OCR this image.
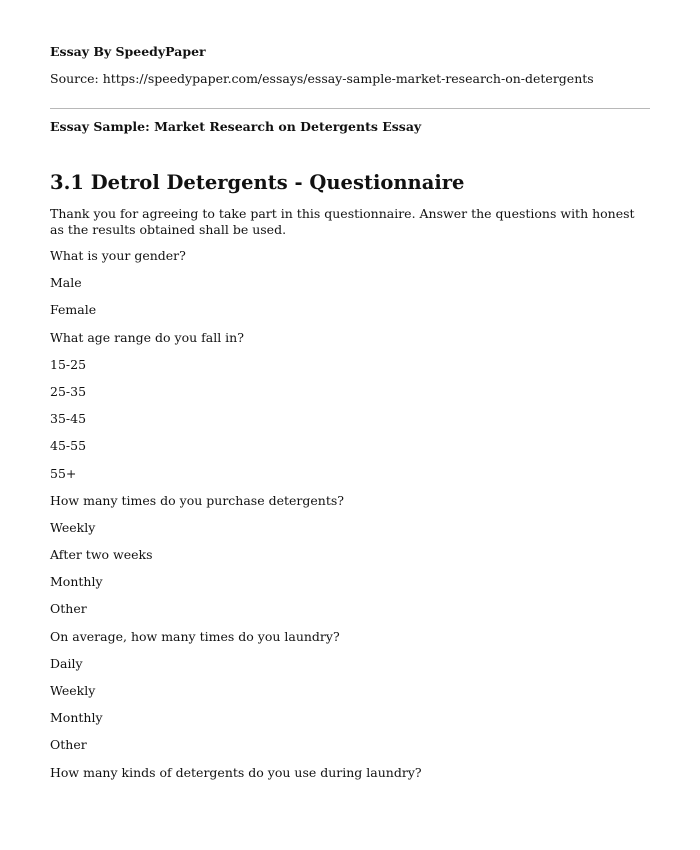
Essay By SpeedyPaper
Source: https://speedypaper.com/essays/essay-sample-market-research-on-detergents
Essay Sample: Market Research on Detergents Essay
3.1 Detrol Detergents - Questionnaire

Thank you for agreeing to take part in this questionnaire. Answer the questions with honest as the results obtained shall be used.

What is your gender?
Male
Female
What age range do you fall in?
15-25
25-35
35-45
45-55
55+
How many times do you purchase detergents?
Weekly
After two weeks
Monthly
Other
On average, how many times do you laundry?
Daily
Weekly
Monthly
Other
How many kinds of detergents do you use during laundry?
